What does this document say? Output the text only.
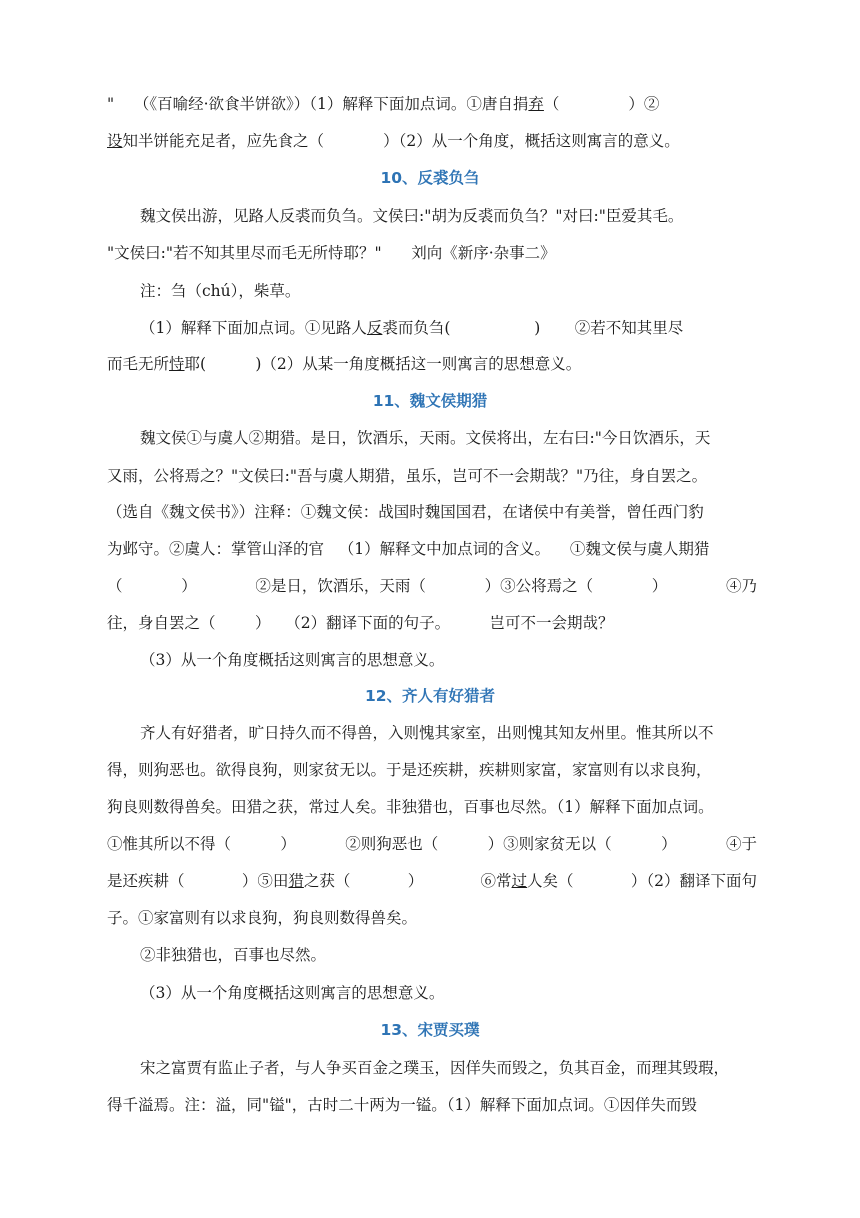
" （《百喻经·欲食半饼欲》）（1）解释下面加点词。①唐自捐弃（	）②
设知半饼能充足者，应先食之（	）（2）从一个角度，概括这则寓言的意义。
10、反裘负刍
魏文侯出游，见路人反裘而负刍。文侯曰:"胡为反裘而负刍？"对曰:"臣爱其毛。
"文侯曰:"若不知其里尽而毛无所恃耶？" 刘向《新序·杂事二》
注：刍（chú），柴草。
（1）解释下面加点词。①见路人反裘而负刍(	) ②若不知其里尽
而毛无所恃耶(	)（2）从某一角度概括这一则寓言的思想意义。
11、魏文侯期猎
魏文侯①与虞人②期猎。是日，饮酒乐，天雨。文侯将出，左右曰:"今日饮酒乐，天
又雨，公将焉之？"文侯曰:"吾与虞人期猎，虽乐，岂可不一会期哉？"乃往，身自罢之。
（选自《魏文侯书》）注释：①魏文侯：战国时魏国国君，在诸侯中有美誉，曾任西门豹
为邺守。②虞人：掌管山泽的官 （1）解释文中加点词的含义。 ①魏文侯与虞人期猎
（	）	②是日，饮酒乐，天雨（	）③公将焉之（	）	④乃
往，身自罢之（	） （2）翻译下面的句子。	岂可不一会期哉？
（3）从一个角度概括这则寓言的思想意义。
12、齐人有好猎者
齐人有好猎者，旷日持久而不得兽，入则愧其家室，出则愧其知友州里。惟其所以不
得，则狗恶也。欲得良狗，则家贫无以。于是还疾耕，疾耕则家富，家富则有以求良狗，
狗良则数得兽矣。田猎之获，常过人矣。非独猎也，百事也尽然。（1）解释下面加点词。
①惟其所以不得（	）	②则狗恶也（	）③则家贫无以（	）	④于
是还疾耕（	）⑤田猎之获（	）	⑥常过人矣（	）（2）翻译下面句
子。①家富则有以求良狗，狗良则数得兽矣。
②非独猎也，百事也尽然。
（3）从一个角度概括这则寓言的思想意义。
13、宋贾买璞
宋之富贾有监止子者，与人争买百金之璞玉，因佯失而毁之，负其百金，而理其毁瑕，
得千溢焉。注：溢，同"镒"，古时二十两为一镒。（1）解释下面加点词。①因佯失而毁
